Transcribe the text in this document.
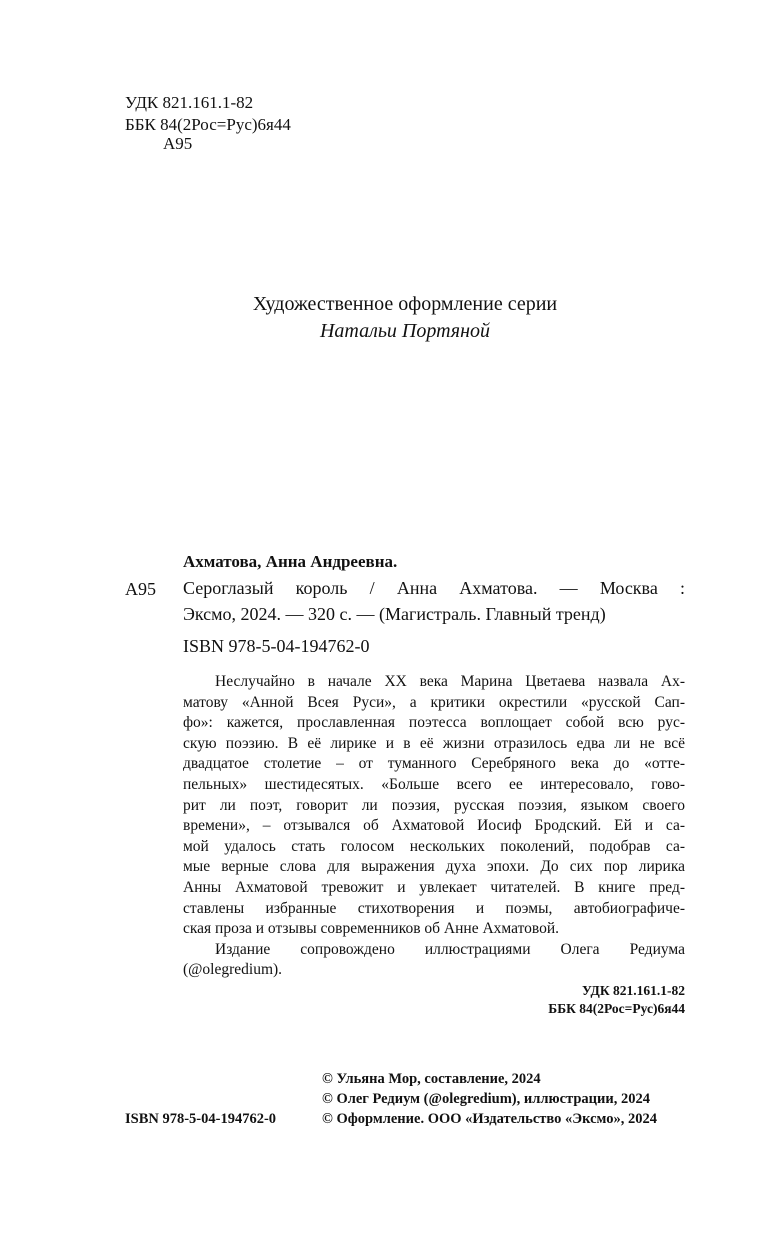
УДК 821.161.1-82
ББК 84(2Рос=Рус)6я44
А95
Художественное оформление серии
Натальи Портяной
Ахматова, Анна Андреевна.
А95 Сероглазый король / Анна Ахматова. — Москва :
Эксмо, 2024. — 320 с. — (Магистраль. Главный тренд)
ISBN 978-5-04-194762-0
Неслучайно в начале XX века Марина Цветаева назвала Ах-
матову «Анной Всея Руси», а критики окрестили «русской Сап-
фо»: кажется, прославленная поэтесса воплощает собой всю рус-
скую поэзию. В её лирике и в её жизни отразилось едва ли не всё
двадцатое столетие – от туманного Серебряного века до «отте-
пельных» шестидесятых. «Больше всего ее интересовало, гово-
рит ли поэт, говорит ли поэзия, русская поэзия, языком своего
времени», – отзывался об Ахматовой Иосиф Бродский. Ей и са-
мой удалось стать голосом нескольких поколений, подобрав са-
мые верные слова для выражения духа эпохи. До сих пор лирика
Анны Ахматовой тревожит и увлекает читателей. В книге пред-
ставлены избранные стихотворения и поэмы, автобиографиче-
ская проза и отзывы современников об Анне Ахматовой.
Издание сопровождено иллюстрациями Олега Редиума
(@olegredium).
УДК 821.161.1-82
ББК 84(2Рос=Рус)6я44
© Ульяна Мор, составление, 2024
© Олег Редиум (@olegredium), иллюстрации, 2024
© Оформление. ООО «Издательство «Эксмо», 2024
ISBN 978-5-04-194762-0
